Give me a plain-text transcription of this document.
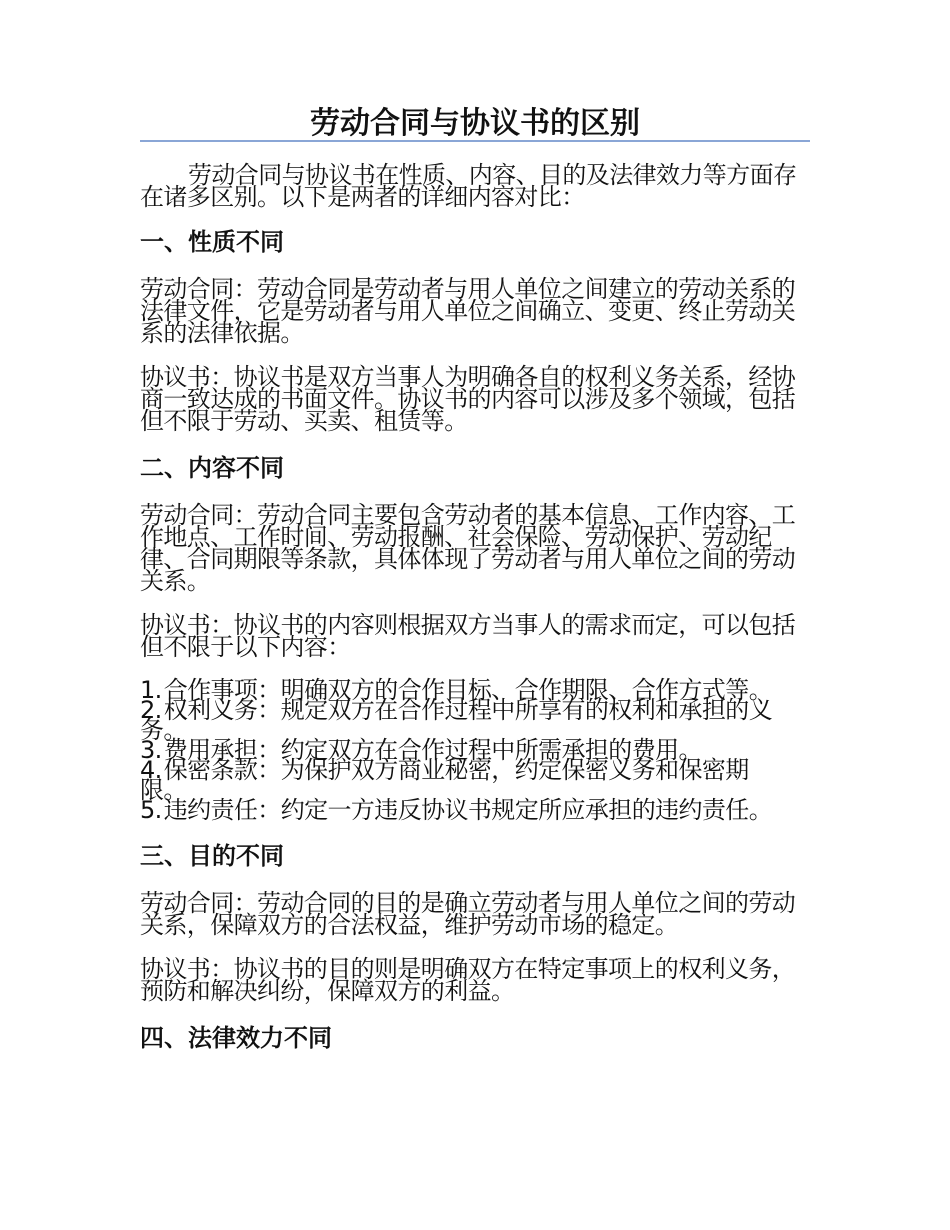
劳动合同与协议书的区别

劳动合同与协议书在性质、内容、目的及法律效力等方面存在诸多区别。以下是两者的详细内容对比：

一、性质不同

劳动合同：劳动合同是劳动者与用人单位之间建立的劳动关系的法律文件，它是劳动者与用人单位之间确立、变更、终止劳动关系的法律依据。

协议书：协议书是双方当事人为明确各自的权利义务关系，经协商一致达成的书面文件。协议书的内容可以涉及多个领域，包括但不限于劳动、买卖、租赁等。

二、内容不同

劳动合同：劳动合同主要包含劳动者的基本信息、工作内容、工作地点、工作时间、劳动报酬、社会保险、劳动保护、劳动纪律、合同期限等条款，具体体现了劳动者与用人单位之间的劳动关系。

协议书：协议书的内容则根据双方当事人的需求而定，可以包括但不限于以下内容：

1.合作事项：明确双方的合作目标、合作期限、合作方式等。
2.权利义务：规定双方在合作过程中所享有的权利和承担的义务。
3.费用承担：约定双方在合作过程中所需承担的费用。
4.保密条款：为保护双方商业秘密，约定保密义务和保密期限。
5.违约责任：约定一方违反协议书规定所应承担的违约责任。
三、目的不同

劳动合同：劳动合同的目的是确立劳动者与用人单位之间的劳动关系，保障双方的合法权益，维护劳动市场的稳定。

协议书：协议书的目的则是明确双方在特定事项上的权利义务，预防和解决纠纷，保障双方的利益。

四、法律效力不同
